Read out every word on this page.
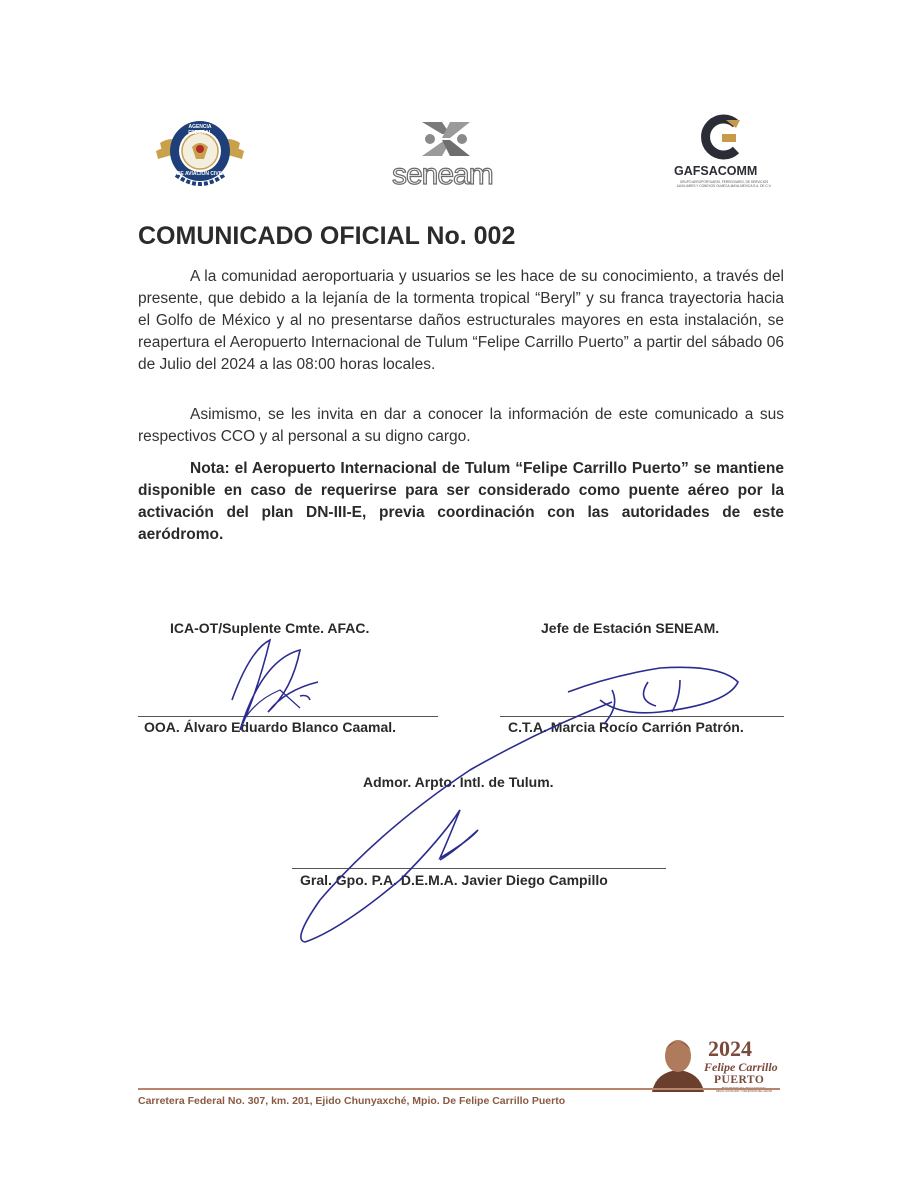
AGENCIA FEDERAL
DE AVIACIÓN CIVIL	seneam	GAFSACOMM
GRUPO AEROPORTUARIO, FERROVIARIO, DE SERVICIOS AUXILIARES Y CONEXOS OLMECA-MAYA-MEXICA S.A. DE C.V.
COMUNICADO OFICIAL No. 002

A la comunidad aeroportuaria y usuarios se les hace de su conocimiento, a través del presente, que debido a la lejanía de la tormenta tropical “Beryl” y su franca trayectoria hacia el Golfo de México y al no presentarse daños estructurales mayores en esta instalación, se reapertura el Aeropuerto Internacional de Tulum “Felipe Carrillo Puerto” a partir del sábado 06 de Julio del 2024 a las 08:00 horas locales.

Asimismo, se les invita en dar a conocer la información de este comunicado a sus respectivos CCO y al personal a su digno cargo.

Nota: el Aeropuerto Internacional de Tulum “Felipe Carrillo Puerto” se mantiene disponible en caso de requerirse para ser considerado como puente aéreo por la activación del plan DN-III-E, previa coordinación con las autoridades de este aeródromo.

ICA-OT/Suplente Cmte. AFAC.	Jefe de Estación SENEAM.
OOA. Álvaro Eduardo Blanco Caamal.	C.T.A. Marcia Rocío Carrión Patrón.
Admor. Arpto. Intl. de Tulum.
Gral. Gpo. P.A. D.E.M.A. Javier Diego Campillo
2024
Felipe Carrillo
PUERTO
REVOLUCIONARIO Y DEFENSOR DEL MAYAB
Carretera Federal No. 307, km. 201, Ejido Chunyaxché, Mpio. De Felipe Carrillo Puerto
